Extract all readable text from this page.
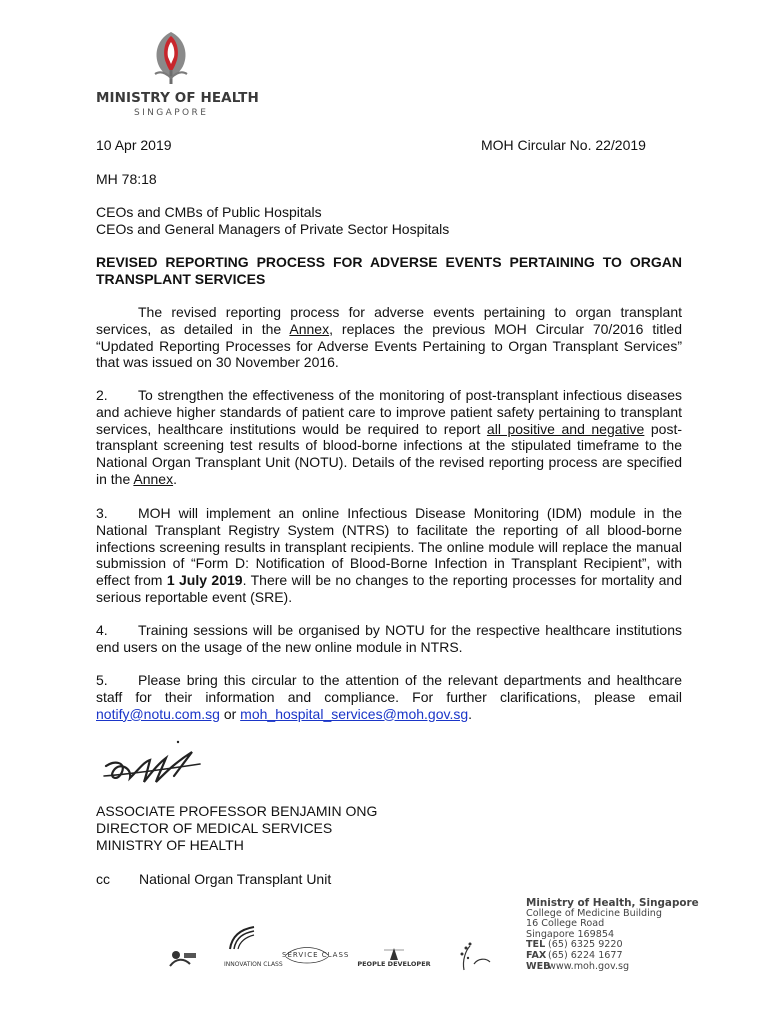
MINISTRY OF HEALTH
SINGAPORE
10 Apr 2019	MOH Circular No. 22/2019
MH 78:18
CEOs and CMBs of Public Hospitals
CEOs and General Managers of Private Sector Hospitals
REVISED REPORTING PROCESS FOR ADVERSE EVENTS PERTAINING TO ORGAN TRANSPLANT SERVICES

The revised reporting process for adverse events pertaining to organ transplant services, as detailed in the Annex, replaces the previous MOH Circular 70/2016 titled “Updated Reporting Processes for Adverse Events Pertaining to Organ Transplant Services” that was issued on 30 November 2016.

2. To strengthen the effectiveness of the monitoring of post-transplant infectious diseases and achieve higher standards of patient care to improve patient safety pertaining to transplant services, healthcare institutions would be required to report all positive and negative post-transplant screening test results of blood-borne infections at the stipulated timeframe to the National Organ Transplant Unit (NOTU). Details of the revised reporting process are specified in the Annex.

3. MOH will implement an online Infectious Disease Monitoring (IDM) module in the National Transplant Registry System (NTRS) to facilitate the reporting of all blood-borne infections screening results in transplant recipients. The online module will replace the manual submission of “Form D: Notification of Blood-Borne Infection in Transplant Recipient”, with effect from 1 July 2019. There will be no changes to the reporting processes for mortality and serious reportable event (SRE).

4. Training sessions will be organised by NOTU for the respective healthcare institutions end users on the usage of the new online module in NTRS.

5. Please bring this circular to the attention of the relevant departments and healthcare staff for their information and compliance. For further clarifications, please email notify@notu.com.sg or moh_hospital_services@moh.gov.sg.

ASSOCIATE PROFESSOR BENJAMIN ONG
DIRECTOR OF MEDICAL SERVICES
MINISTRY OF HEALTH
cc National Organ Transplant Unit
INNOVATION CLASS
SERVICE CLASS
PEOPLE DEVELOPER
Ministry of Health, Singapore
College of Medicine Building
16 College Road
Singapore 169854
TEL (65) 6325 9220
FAX (65) 6224 1677
WEBwww.moh.gov.sg
